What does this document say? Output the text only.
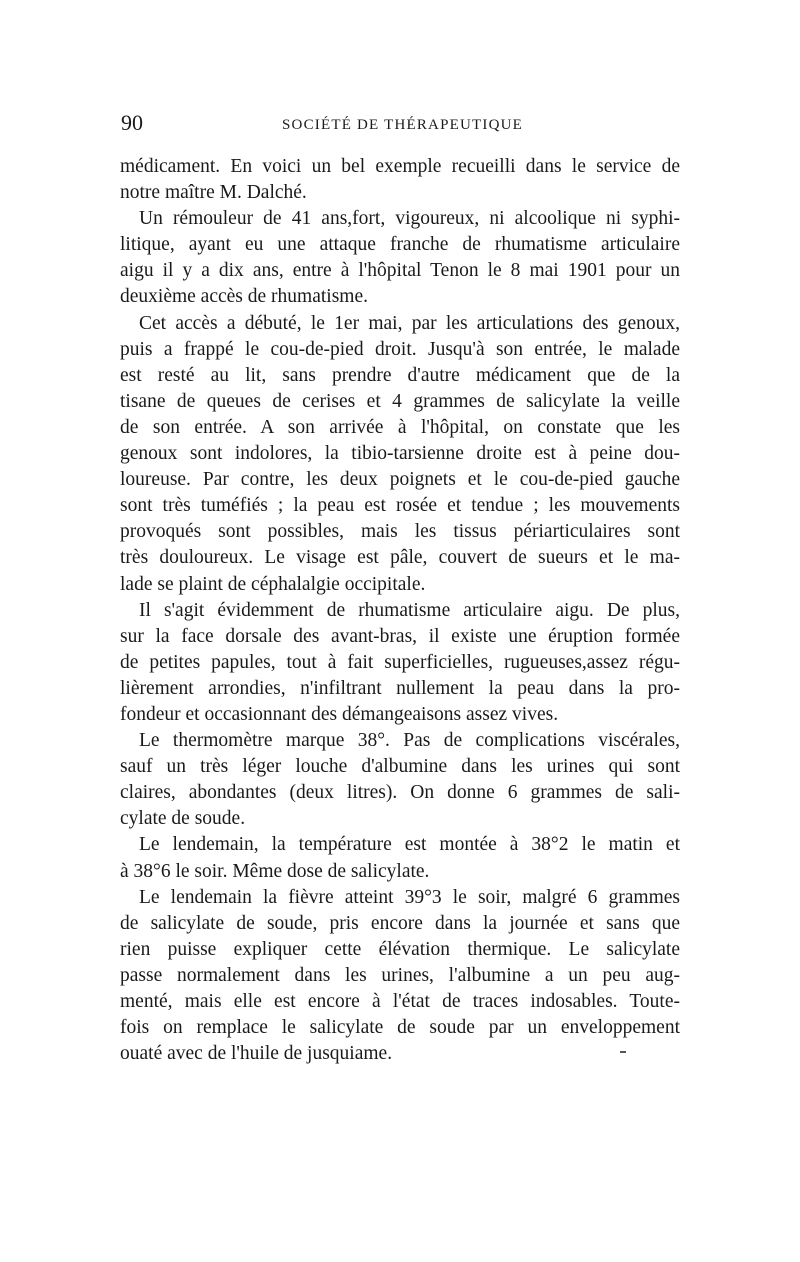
90	SOCIÉTÉ DE THÉRAPEUTIQUE
médicament. En voici un bel exemple recueilli dans le service de
notre maître M. Dalché.
Un rémouleur de 41 ans,fort, vigoureux, ni alcoolique ni syphi-
litique, ayant eu une attaque franche de rhumatisme articulaire
aigu il y a dix ans, entre à l'hôpital Tenon le 8 mai 1901 pour un
deuxième accès de rhumatisme.
Cet accès a débuté, le 1er mai, par les articulations des genoux,
puis a frappé le cou-de-pied droit. Jusqu'à son entrée, le malade
est resté au lit, sans prendre d'autre médicament que de la
tisane de queues de cerises et 4 grammes de salicylate la veille
de son entrée. A son arrivée à l'hôpital, on constate que les
genoux sont indolores, la tibio-tarsienne droite est à peine dou-
loureuse. Par contre, les deux poignets et le cou-de-pied gauche
sont très tuméfiés ; la peau est rosée et tendue ; les mouvements
provoqués sont possibles, mais les tissus périarticulaires sont
très douloureux. Le visage est pâle, couvert de sueurs et le ma-
lade se plaint de céphalalgie occipitale.
Il s'agit évidemment de rhumatisme articulaire aigu. De plus,
sur la face dorsale des avant-bras, il existe une éruption formée
de petites papules, tout à fait superficielles, rugueuses,assez régu-
lièrement arrondies, n'infiltrant nullement la peau dans la pro-
fondeur et occasionnant des démangeaisons assez vives.
Le thermomètre marque 38°. Pas de complications viscérales,
sauf un très léger louche d'albumine dans les urines qui sont
claires, abondantes (deux litres). On donne 6 grammes de sali-
cylate de soude.
Le lendemain, la température est montée à 38°2 le matin et
à 38°6 le soir. Même dose de salicylate.
Le lendemain la fièvre atteint 39°3 le soir, malgré 6 grammes
de salicylate de soude, pris encore dans la journée et sans que
rien puisse expliquer cette élévation thermique. Le salicylate
passe normalement dans les urines, l'albumine a un peu aug-
menté, mais elle est encore à l'état de traces indosables. Toute-
fois on remplace le salicylate de soude par un enveloppement
ouaté avec de l'huile de jusquiame.
